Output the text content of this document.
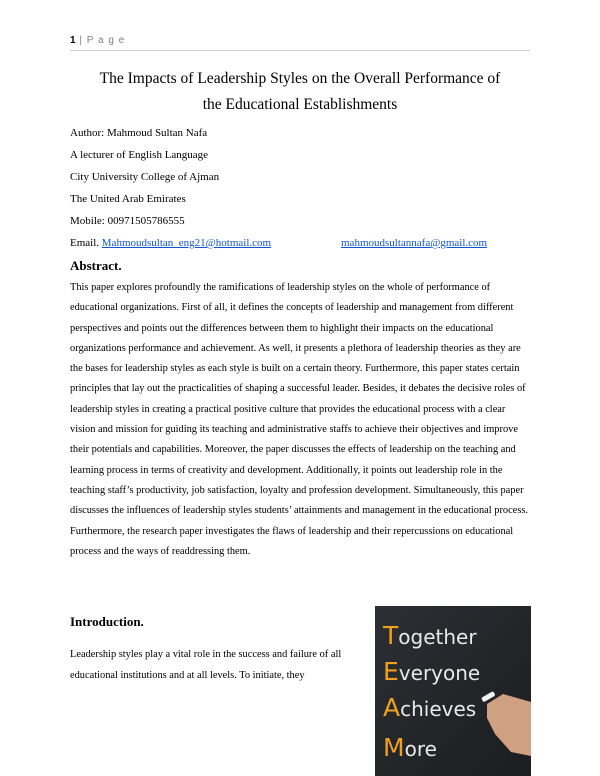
1 | P a g e
The Impacts of Leadership Styles on the Overall Performance of
the Educational Establishments
Author: Mahmoud Sultan Nafa
A lecturer of English Language
City University College of Ajman
The United Arab Emirates
Mobile: 00971505786555
Email. Mahmoudsultan_eng21@hotmail.com	mahmoudsultannafa@gmail.com
Abstract.

This paper explores profoundly the ramifications of leadership styles on the whole of performance of educational organizations. First of all, it defines the concepts of leadership and management from different perspectives and points out the differences between them to highlight their impacts on the educational organizations performance and achievement. As well, it presents a plethora of leadership theories as they are the bases for leadership styles as each style is built on a certain theory. Furthermore, this paper states certain principles that lay out the practicalities of shaping a successful leader. Besides, it debates the decisive roles of leadership styles in creating a practical positive culture that provides the educational process with a clear vision and mission for guiding its teaching and administrative staffs to achieve their objectives and improve their potentials and capabilities. Moreover, the paper discusses the effects of leadership on the teaching and learning process in terms of creativity and development. Additionally, it points out leadership role in the teaching staff’s productivity, job satisfaction, loyalty and profession development. Simultaneously, this paper discusses the influences of leadership styles students’ attainments and management in the educational process. Furthermore, the research paper investigates the flaws of leadership and their repercussions on educational process and the ways of readdressing them.

Introduction.

Leadership styles play a vital role in the success and failure of all educational institutions and at all levels. To initiate, they

Together
Everyone
Achieves
More
